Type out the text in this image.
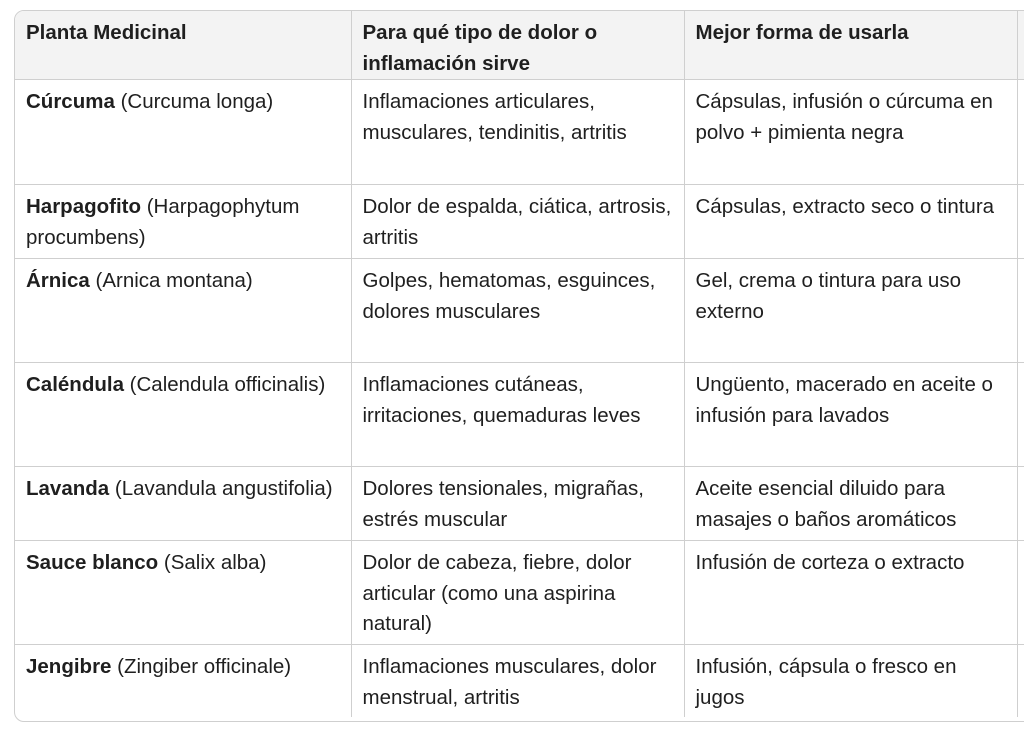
Planta Medicinal	Para qué tipo de dolor o inflamación sirve	Mejor forma de usarla	
Cúrcuma (Curcuma longa)	Inflamaciones articulares, musculares, tendinitis, artritis	Cápsulas, infusión o cúrcuma en polvo + pimienta negra	
Harpagofito (Harpagophytum procumbens)	Dolor de espalda, ciática, artrosis, artritis	Cápsulas, extracto seco o tintura	
Árnica (Arnica montana)	Golpes, hematomas, esguinces, dolores musculares	Gel, crema o tintura para uso externo	
Caléndula (Calendula officinalis)	Inflamaciones cutáneas, irritaciones, quemaduras leves	Ungüento, macerado en aceite o infusión para lavados	
Lavanda (Lavandula angustifolia)	Dolores tensionales, migrañas, estrés muscular	Aceite esencial diluido para masajes o baños aromáticos	
Sauce blanco (Salix alba)	Dolor de cabeza, fiebre, dolor articular (como una aspirina natural)	Infusión de corteza o extracto	
Jengibre (Zingiber officinale)	Inflamaciones musculares, dolor menstrual, artritis	Infusión, cápsula o fresco en jugos	
